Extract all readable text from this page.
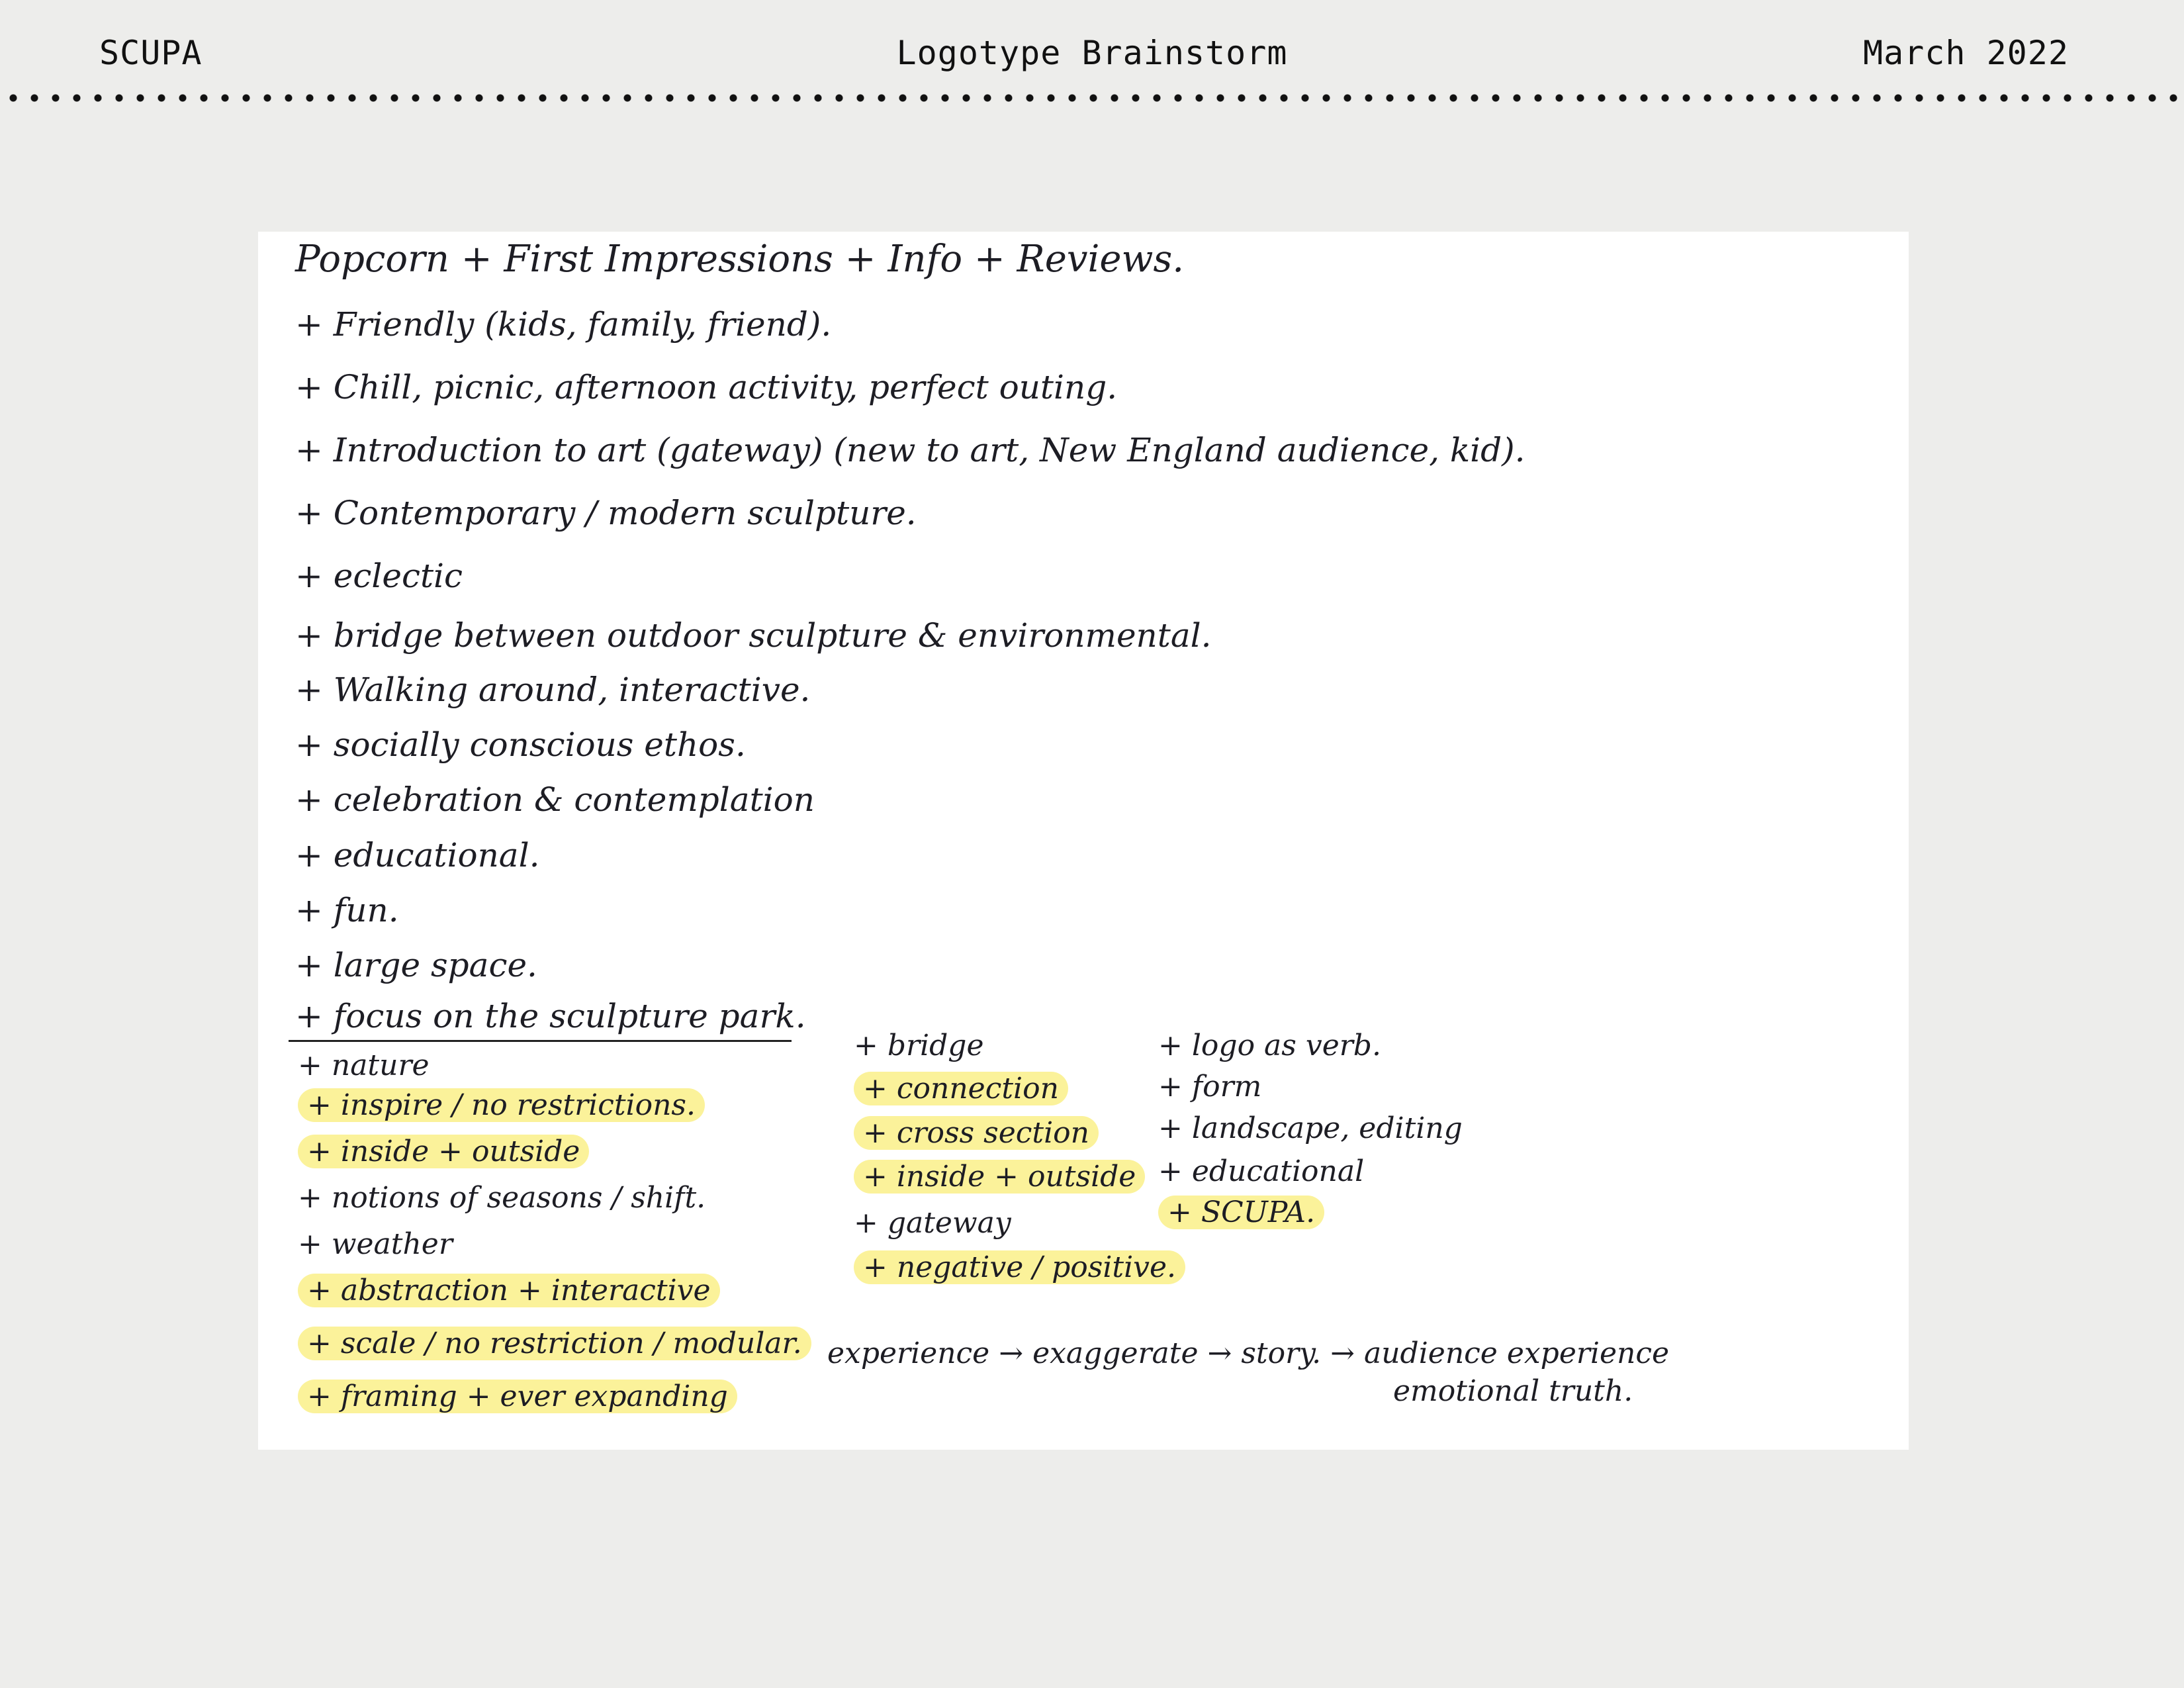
SCUPA	Logotype Brainstorm	March 2022
Popcorn + First Impressions + Info + Reviews.
+ Friendly (kids, family, friend).
+ Chill, picnic, afternoon activity, perfect outing.
+ Introduction to art (gateway) (new to art, New England audience, kid).
+ Contemporary / modern sculpture.
+ eclectic
+ bridge between outdoor sculpture & environmental.
+ Walking around, interactive.
+ socially conscious ethos.
+ celebration & contemplation
+ educational.
+ fun.
+ large space.
+ focus on the sculpture park.
+ nature
+ inspire / no restrictions.
+ inside + outside
+ notions of seasons / shift.
+ weather
+ abstraction + interactive
+ scale / no restriction / modular.
+ framing + ever expanding
+ bridge
+ connection
+ cross section
+ inside + outside
+ gateway
+ negative / positive.
+ logo as verb.
+ form
+ landscape, editing
+ educational
+ SCUPA.
experience → exaggerate → story. → audience experience
emotional truth.
